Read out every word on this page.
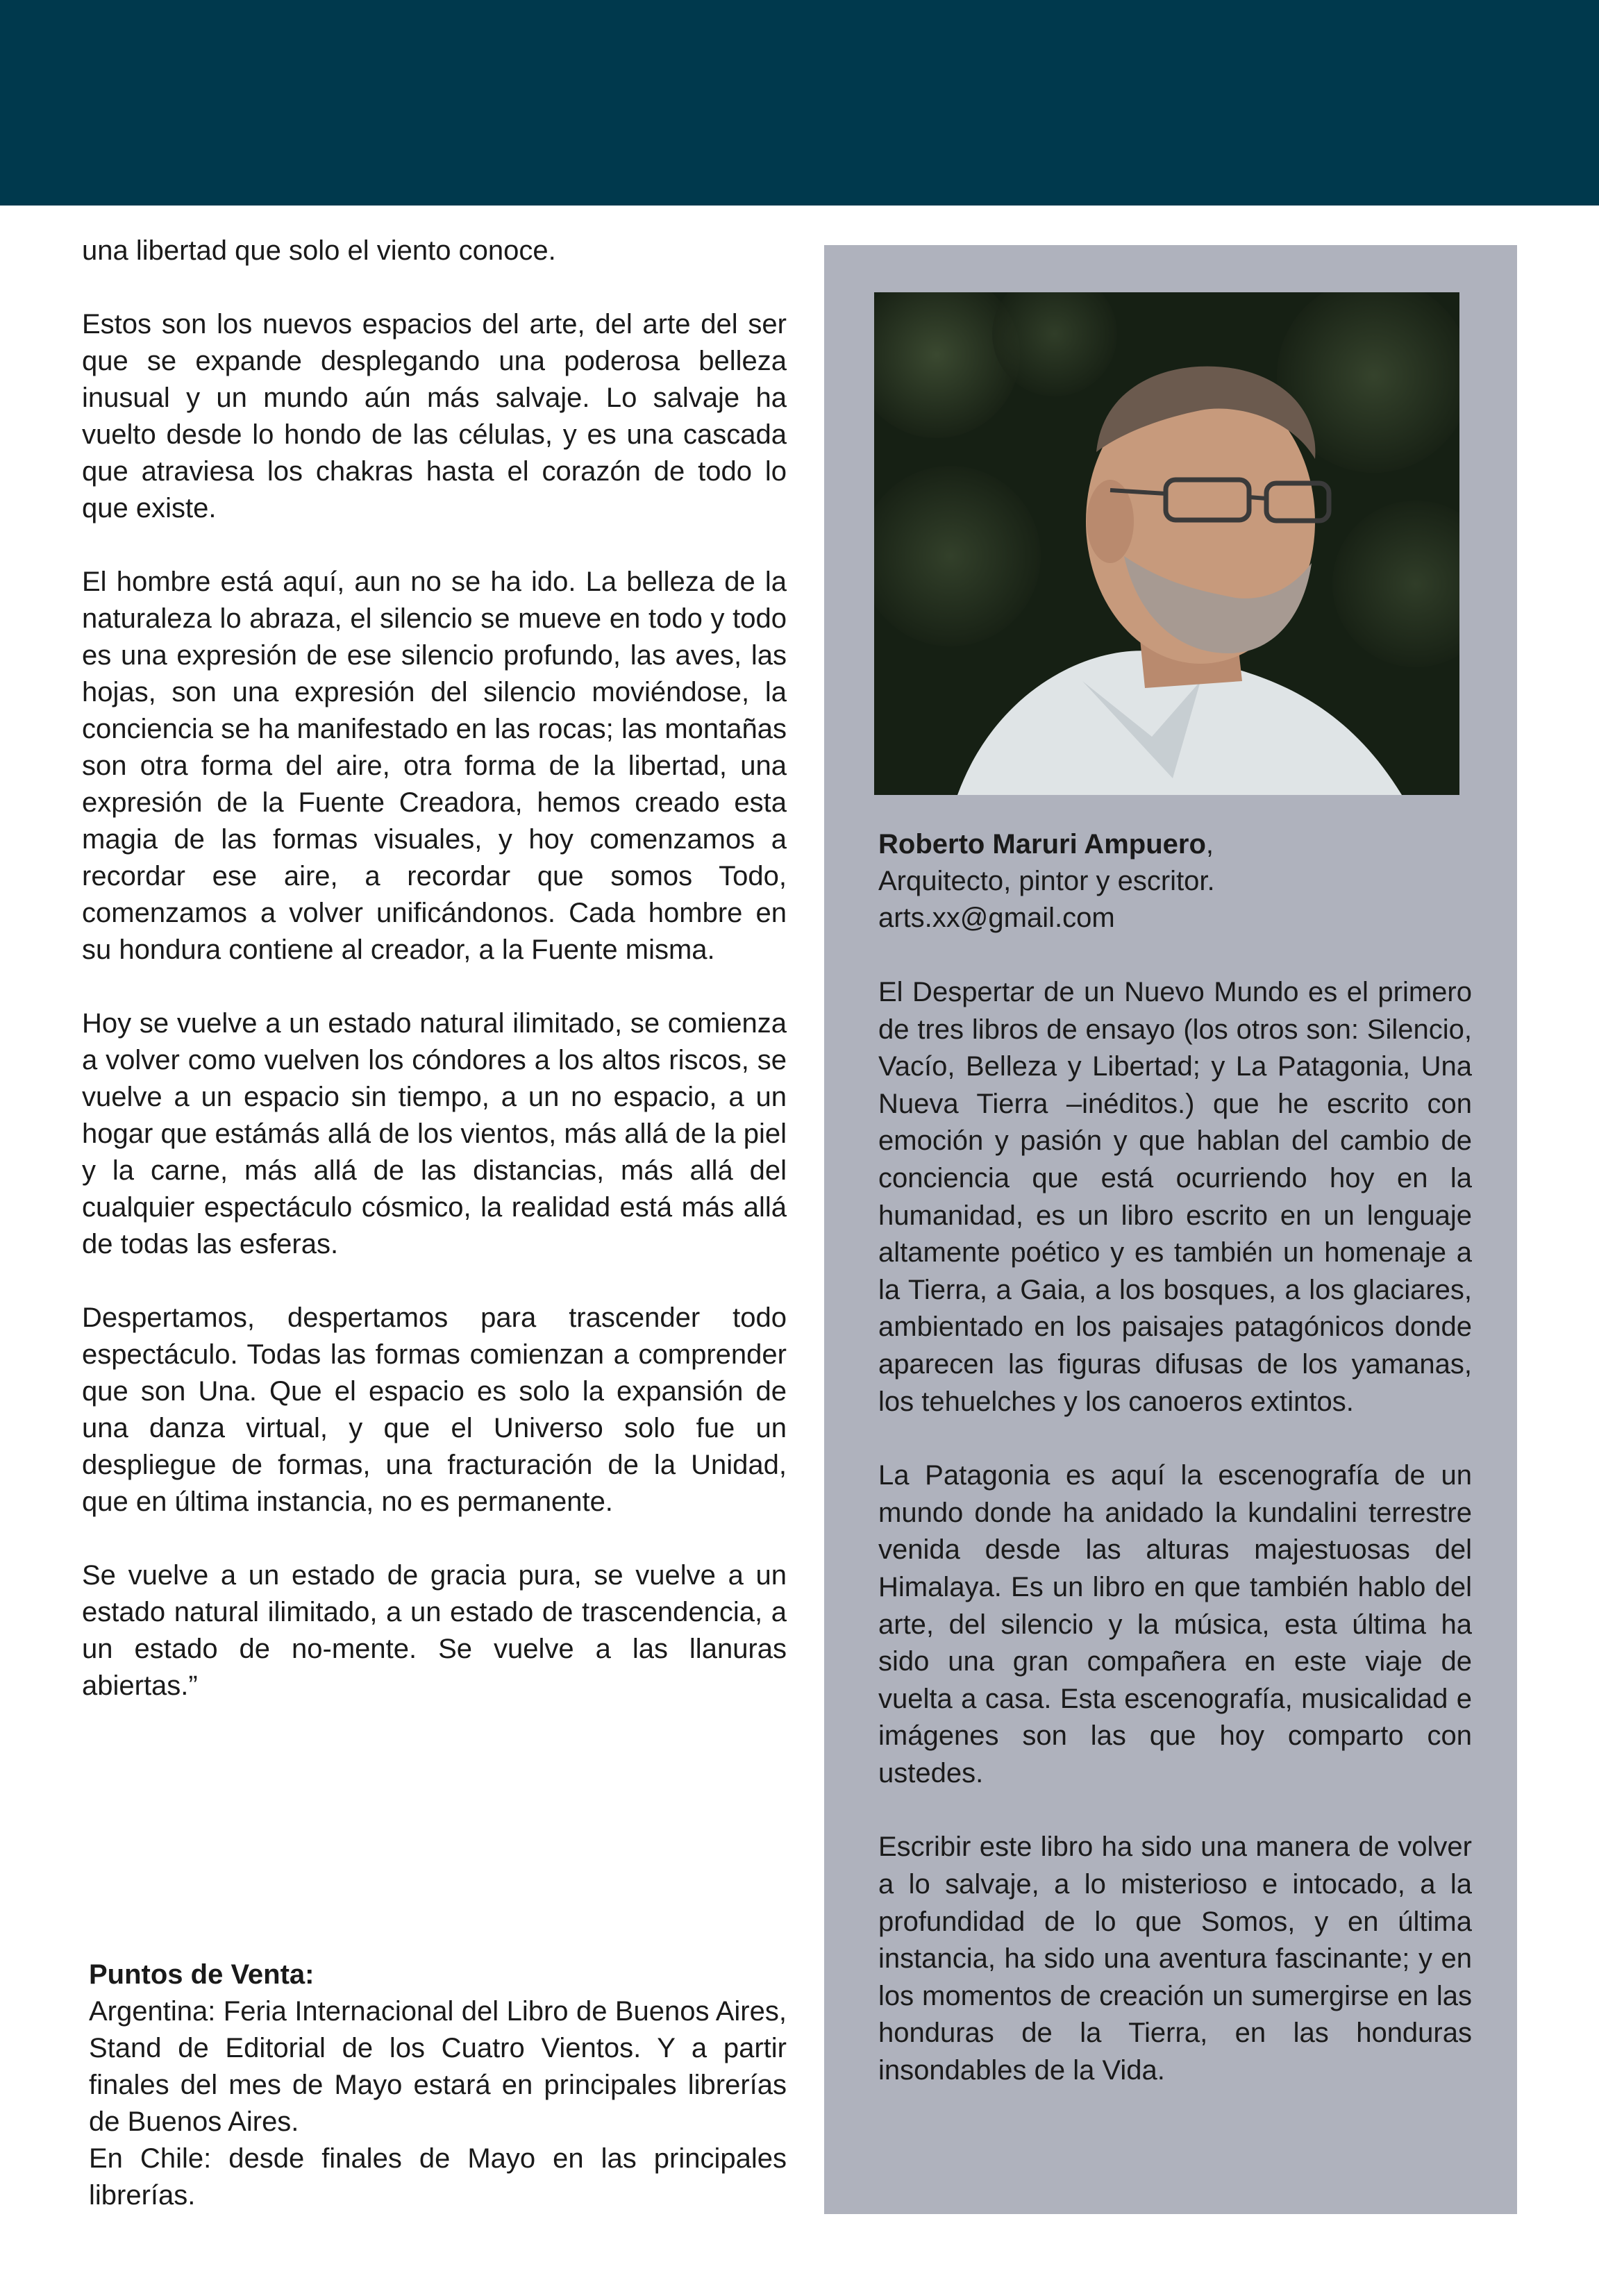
una libertad que solo el viento conoce.

Estos son los nuevos espacios del arte, del arte del ser que se expande desplegando una poderosa belleza inusual y un mundo aún más salvaje. Lo salvaje ha vuelto desde lo hondo de las células, y es una cascada que atraviesa los chakras hasta el corazón de todo lo que existe.

El hombre está aquí, aun no se ha ido. La belleza de la naturaleza lo abraza, el silencio se mueve en todo y todo es una expresión de ese silencio profundo, las aves, las hojas, son una expresión del silencio moviéndose, la conciencia se ha manifestado en las rocas; las montañas son otra forma del aire, otra forma de la libertad, una expresión de la Fuente Creadora, hemos creado esta magia de las formas visuales, y hoy comenzamos a recordar ese aire, a recordar que somos Todo, comenzamos a volver unificándonos. Cada hombre en su hondura contiene al creador, a la Fuente misma.

Hoy se vuelve a un estado natural ilimitado, se comienza a volver como vuelven los cóndores a los altos riscos, se vuelve a un espacio sin tiempo, a un no espacio, a un hogar que estámás allá de los vientos, más allá de la piel y la carne, más allá de las distancias, más allá del cualquier espectáculo cósmico, la realidad está más allá de todas las esferas.

Despertamos, despertamos para trascender todo espectáculo. Todas las formas comienzan a comprender que son Una. Que el espacio es solo la expansión de una danza virtual, y que el Universo solo fue un despliegue de formas, una fracturación de la Unidad, que en última instancia, no es permanente.

Se vuelve a un estado de gracia pura, se vuelve a un estado natural ilimitado, a un estado de trascendencia, a un estado de no-mente. Se vuelve a las llanuras abiertas.”

Puntos de Venta:
Argentina: Feria Internacional del Libro de Buenos Aires, Stand de Editorial de los Cuatro Vientos. Y a partir finales del mes de Mayo estará en principales librerías de Buenos Aires.
En Chile: desde finales de Mayo en las principales librerías.
Roberto Maruri Ampuero,
Arquitecto, pintor y escritor.
arts.xx@gmail.com

El Despertar de un Nuevo Mundo es el primero de tres libros de ensayo (los otros son: Silencio, Vacío, Belleza y Libertad; y La Patagonia, Una Nueva Tierra –inéditos.) que he escrito con emoción y pasión y que hablan del cambio de conciencia que está ocurriendo hoy en la humanidad, es un libro escrito en un lenguaje altamente poético y es también un homenaje a la Tierra, a Gaia, a los bosques, a los glaciares, ambientado en los paisajes patagónicos donde aparecen las figuras difusas de los yamanas, los tehuelches y los canoeros extintos.

La Patagonia es aquí la escenografía de un mundo donde ha anidado la kundalini terrestre venida desde las alturas majestuosas del Himalaya. Es un libro en que también hablo del arte, del silencio y la música, esta última ha sido una gran compañera en este viaje de vuelta a casa. Esta escenografía, musicalidad e imágenes son las que hoy comparto con ustedes.

Escribir este libro ha sido una manera de volver a lo salvaje, a lo misterioso e intocado, a la profundidad de lo que Somos, y en última instancia, ha sido una aventura fascinante; y en los momentos de creación un sumergirse en las honduras de la Tierra, en las honduras insondables de la Vida.
